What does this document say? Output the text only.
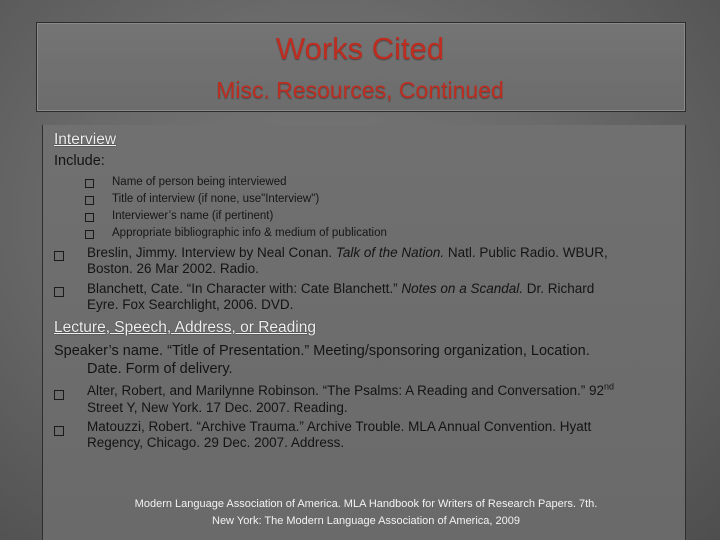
Works Cited
Misc. Resources, Continued
Interview
Include:
Name of person being interviewed
Title of interview (if none, use"Interview")
Interviewer’s name (if pertinent)
Appropriate bibliographic info & medium of publication
Breslin, Jimmy. Interview by Neal Conan. Talk of the Nation. Natl. Public Radio. WBUR,
Boston. 26 Mar 2002. Radio.
Blanchett, Cate. “In Character with: Cate Blanchett.” Notes on a Scandal. Dr. Richard
Eyre. Fox Searchlight, 2006. DVD.
Lecture, Speech, Address, or Reading
Speaker’s name. “Title of Presentation.” Meeting/sponsoring organization, Location.
Date. Form of delivery.
Alter, Robert, and Marilynne Robinson. “The Psalms: A Reading and Conversation.” 92nd
Street Y, New York. 17 Dec. 2007. Reading.
Matouzzi, Robert. “Archive Trauma.” Archive Trouble. MLA Annual Convention. Hyatt
Regency, Chicago. 29 Dec. 2007. Address.
Modern Language Association of America. MLA Handbook for Writers of Research Papers. 7th.
New York: The Modern Language Association of America, 2009
